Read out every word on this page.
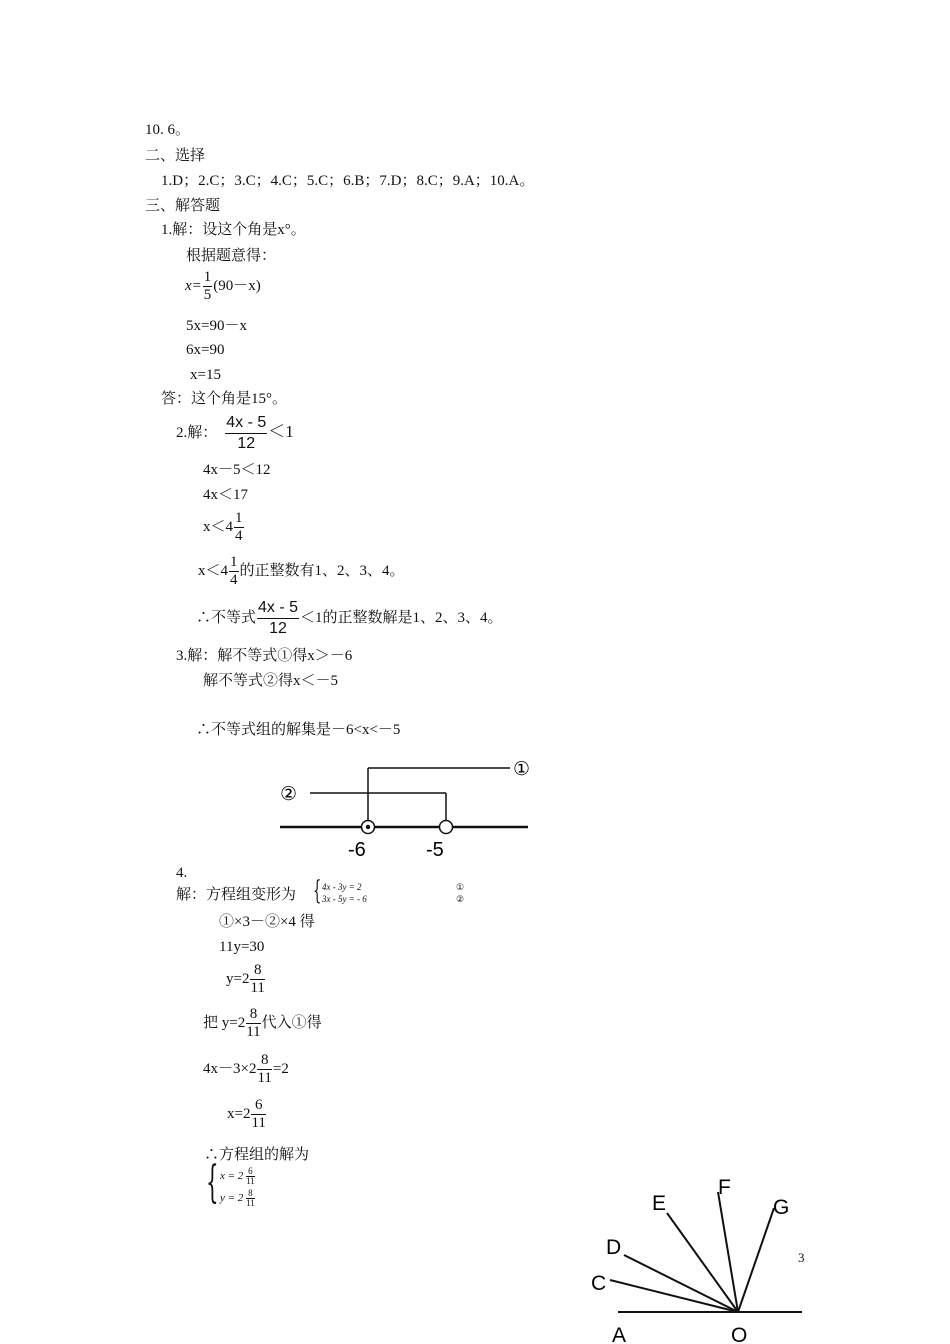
10. 6。
二、选择
1.D；2.C；3.C；4.C；5.C；6.B；7.D；8.C；9.A；10.A。
三、解答题
1.解：设这个角是x°。
根据题意得：
$x= \frac{1}{5} (90-x)$
5x=90－x
6x=90
x=15
答：这个角是15°。
2.解： $\frac{4x - 5}{12} <1$
4x－5＜12
4x＜17
$x<4 \frac{1}{4}$
$x<4 \frac{1}{4}$ 的正整数有1、2、3、4。
∴不等式 $\frac{4x - 5}{12} <1$的正整数解是1、2、3、4。
3.解：解不等式①得x＞－6
解不等式②得x＜－5
∴不等式组的解集是－6<x<－5
①
②
-6	-5
4.
解：方程组变形为 { 4x - 3y = 2
3x - 5y = - 6
①
②
①×3－②×4 得
11y=30
$y=2 \frac{8}{11}$
把 $y=2 \frac{8}{11}$ 代入①得
$4x-3\times 2 \frac{8}{11} =2$
$x=2 \frac{6}{11}$
∴方程组的解为
{ $x = 2 \frac{6}{11}$
$y = 2 \frac{8}{11}$
3
A	O
C
D
E
F
G
